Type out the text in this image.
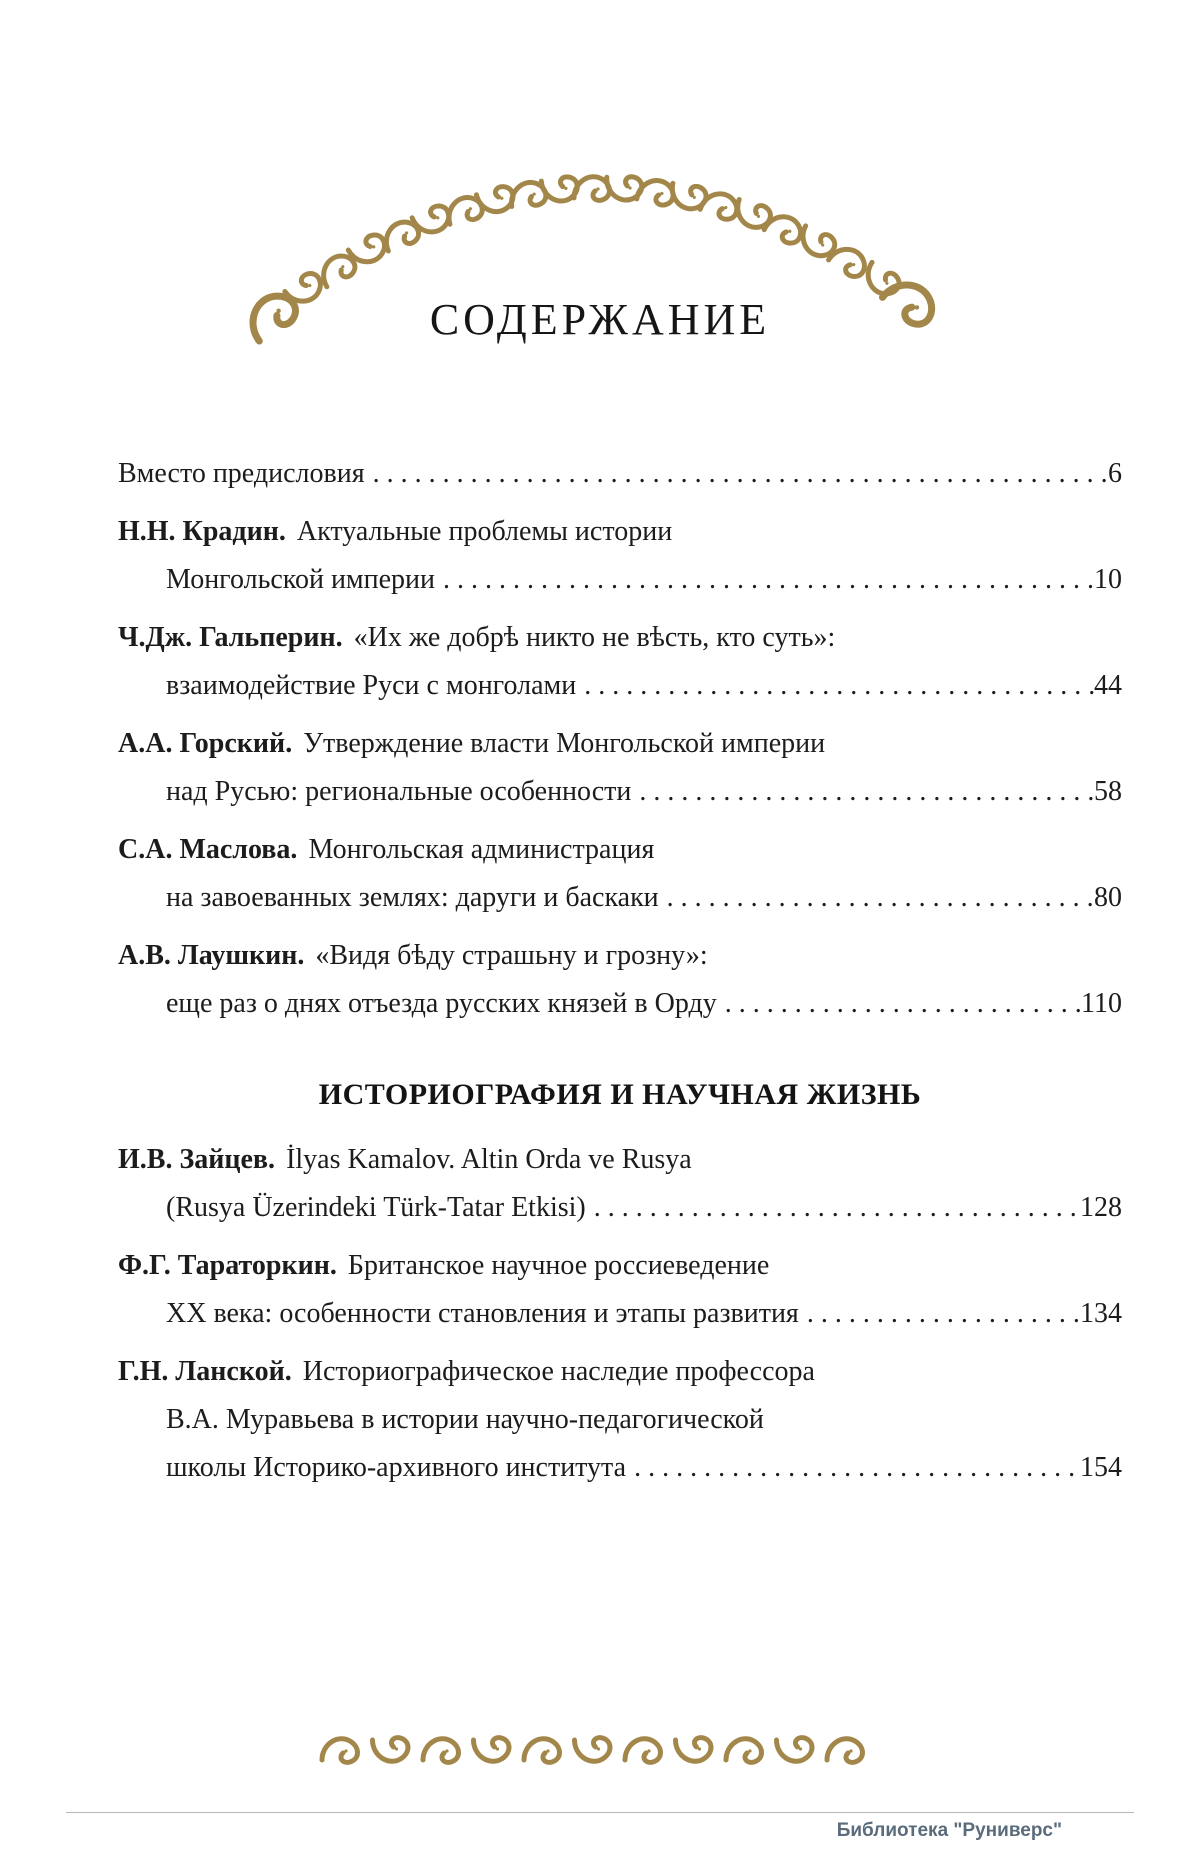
СОДЕРЖАНИЕ
Вместо предисловия . . .	6
Н.Н. Крадин. Актуальные проблемы истории
Монгольской империи . . .	10
Ч.Дж. Гальперин. «Их же добрѣ никто не вѣсть, кто суть»:
взаимодействие Руси с монголами . . .	44
А.А. Горский. Утверждение власти Монгольской империи
над Русью: региональные особенности . . .	58
С.А. Маслова. Монгольская администрация
на завоеванных землях: даруги и баскаки . . .	80
А.В. Лаушкин. «Видя бѣду страшьну и грозну»:
еще раз о днях отъезда русских князей в Орду . . .	110
ИСТОРИОГРАФИЯ И НАУЧНАЯ ЖИЗНЬ
И.В. Зайцев. İlyas Kamalov. Altin Orda ve Rusya
(Rusya Üzerindeki Türk-Tatar Etkisi) . . .	128
Ф.Г. Тараторкин. Британское научное россиеведение
XX века: особенности становления и этапы развития . . .	134
Г.Н. Ланской. Историографическое наследие профессора
В.А. Муравьева в истории научно-педагогической
школы Историко-архивного института . . .	154
Библиотека "Руниверс"
